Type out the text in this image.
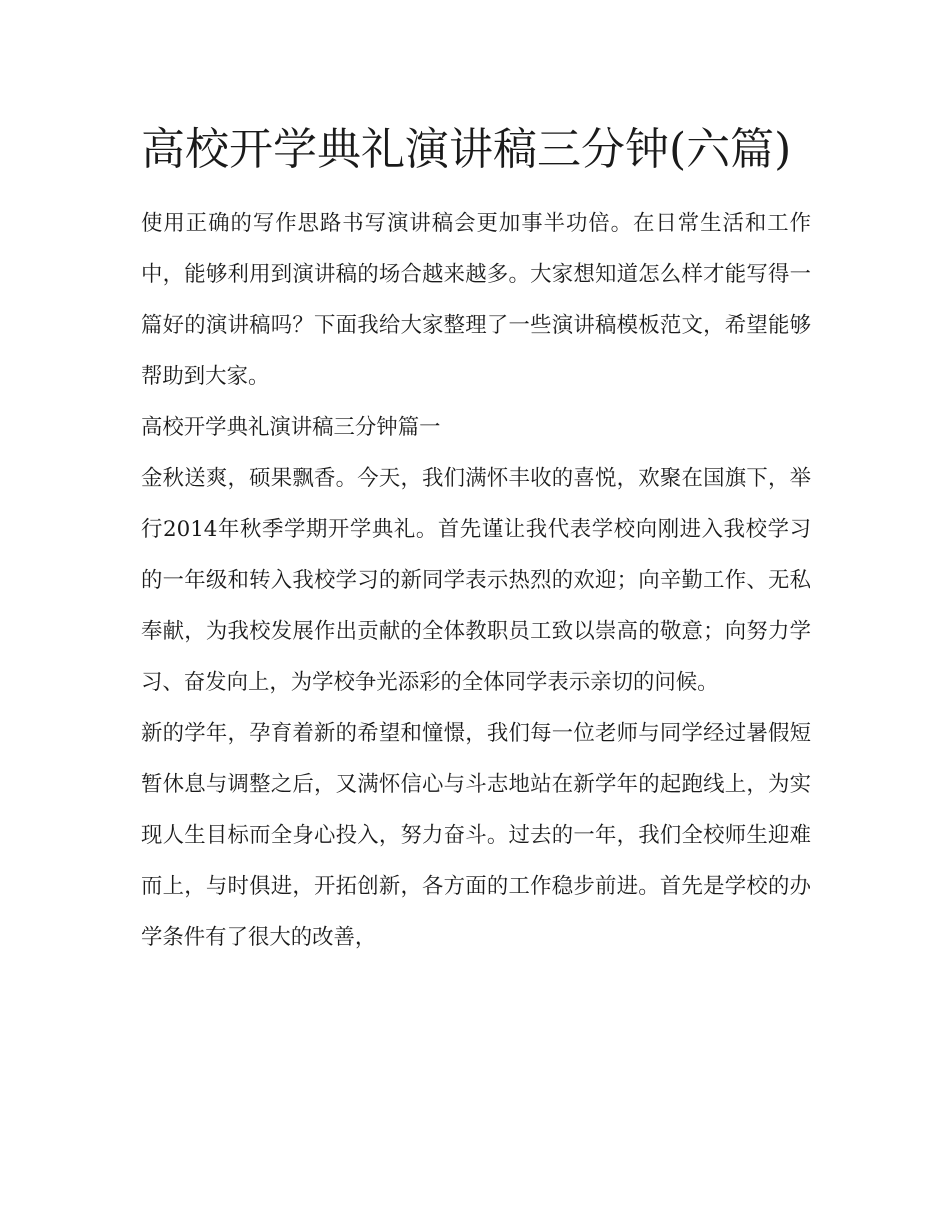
高校开学典礼演讲稿三分钟(六篇)

使用正确的写作思路书写演讲稿会更加事半功倍。在日常生活和工作中，能够利用到演讲稿的场合越来越多。大家想知道怎么样才能写得一篇好的演讲稿吗？下面我给大家整理了一些演讲稿模板范文，希望能够帮助到大家。

高校开学典礼演讲稿三分钟篇一

金秋送爽，硕果飘香。今天，我们满怀丰收的喜悦，欢聚在国旗下，举行2014年秋季学期开学典礼。首先谨让我代表学校向刚进入我校学习的一年级和转入我校学习的新同学表示热烈的欢迎；向辛勤工作、无私奉献，为我校发展作出贡献的全体教职员工致以崇高的敬意；向努力学习、奋发向上，为学校争光添彩的全体同学表示亲切的问候。

新的学年，孕育着新的希望和憧憬，我们每一位老师与同学经过暑假短暂休息与调整之后，又满怀信心与斗志地站在新学年的起跑线上，为实现人生目标而全身心投入，努力奋斗。过去的一年，我们全校师生迎难而上，与时俱进，开拓创新，各方面的工作稳步前进。首先是学校的办学条件有了很大的改善，
